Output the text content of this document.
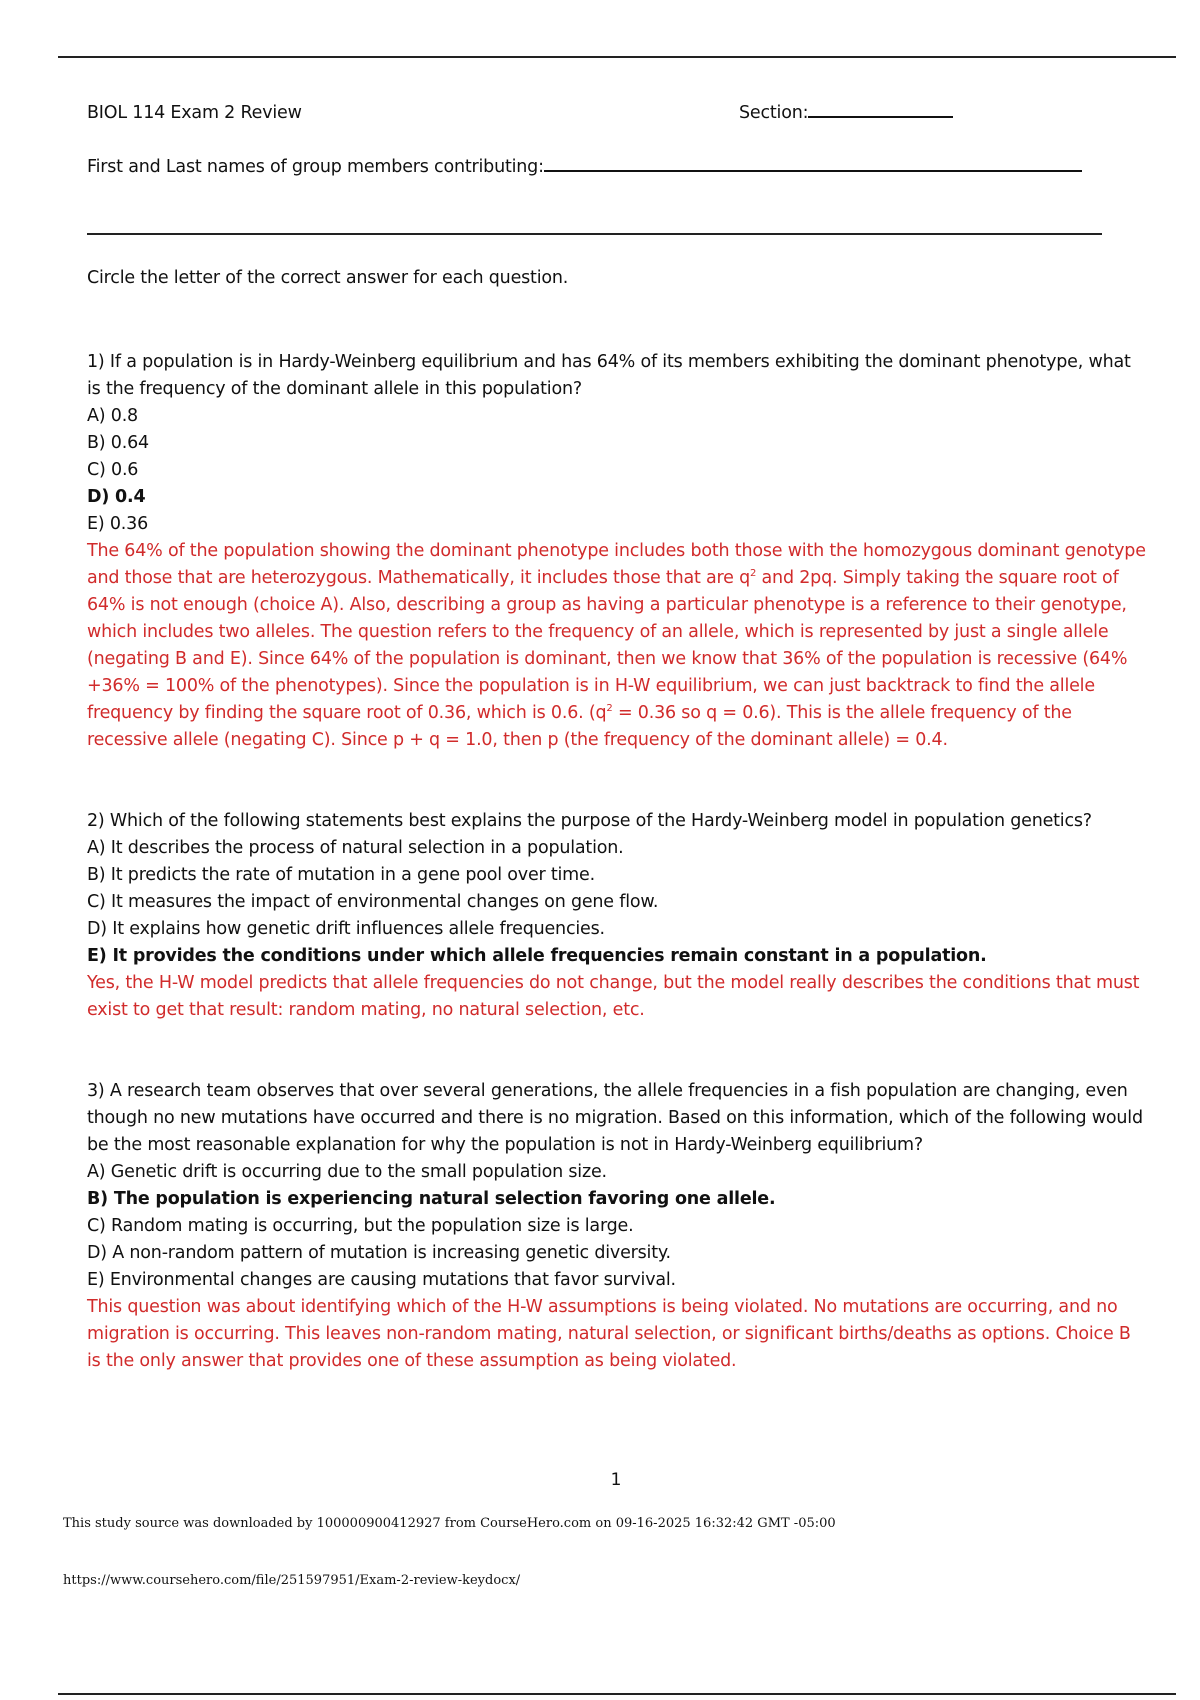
BIOL 114 Exam 2 Review	Section:
First and Last names of group members contributing:
Circle the letter of the correct answer for each question.
1) If a population is in Hardy-Weinberg equilibrium and has 64% of its members exhibiting the dominant phenotype, what is the frequency of the dominant allele in this population?
A) 0.8
B) 0.64
C) 0.6
D) 0.4
E) 0.36
The 64% of the population showing the dominant phenotype includes both those with the homozygous dominant genotype and those that are heterozygous. Mathematically, it includes those that are $q^2$ and 2pq. Simply taking the square root of 64% is not enough (choice A). Also, describing a group as having a particular phenotype is a reference to their genotype, which includes two alleles. The question refers to the frequency of an allele, which is represented by just a single allele (negating B and E). Since 64% of the population is dominant, then we know that 36% of the population is recessive (64% +36% = 100% of the phenotypes). Since the population is in H-W equilibrium, we can just backtrack to find the allele frequency by finding the square root of 0.36, which is 0.6. ($q^2 = 0.36$ so q = 0.6). This is the allele frequency of the recessive allele (negating C). Since p + q = 1.0, then p (the frequency of the dominant allele) = 0.4.
2) Which of the following statements best explains the purpose of the Hardy-Weinberg model in population genetics?
A) It describes the process of natural selection in a population.
B) It predicts the rate of mutation in a gene pool over time.
C) It measures the impact of environmental changes on gene flow.
D) It explains how genetic drift influences allele frequencies.
E) It provides the conditions under which allele frequencies remain constant in a population.
Yes, the H-W model predicts that allele frequencies do not change, but the model really describes the conditions that must exist to get that result: random mating, no natural selection, etc.
3) A research team observes that over several generations, the allele frequencies in a fish population are changing, even though no new mutations have occurred and there is no migration. Based on this information, which of the following would be the most reasonable explanation for why the population is not in Hardy-Weinberg equilibrium?
A) Genetic drift is occurring due to the small population size.
B) The population is experiencing natural selection favoring one allele.
C) Random mating is occurring, but the population size is large.
D) A non-random pattern of mutation is increasing genetic diversity.
E) Environmental changes are causing mutations that favor survival.
This question was about identifying which of the H-W assumptions is being violated. No mutations are occurring, and no migration is occurring. This leaves non-random mating, natural selection, or significant births/deaths as options. Choice B is the only answer that provides one of these assumption as being violated.
1
This study source was downloaded by 100000900412927 from CourseHero.com on 09-16-2025 16:32:42 GMT -05:00
https://www.coursehero.com/file/251597951/Exam-2-review-keydocx/
